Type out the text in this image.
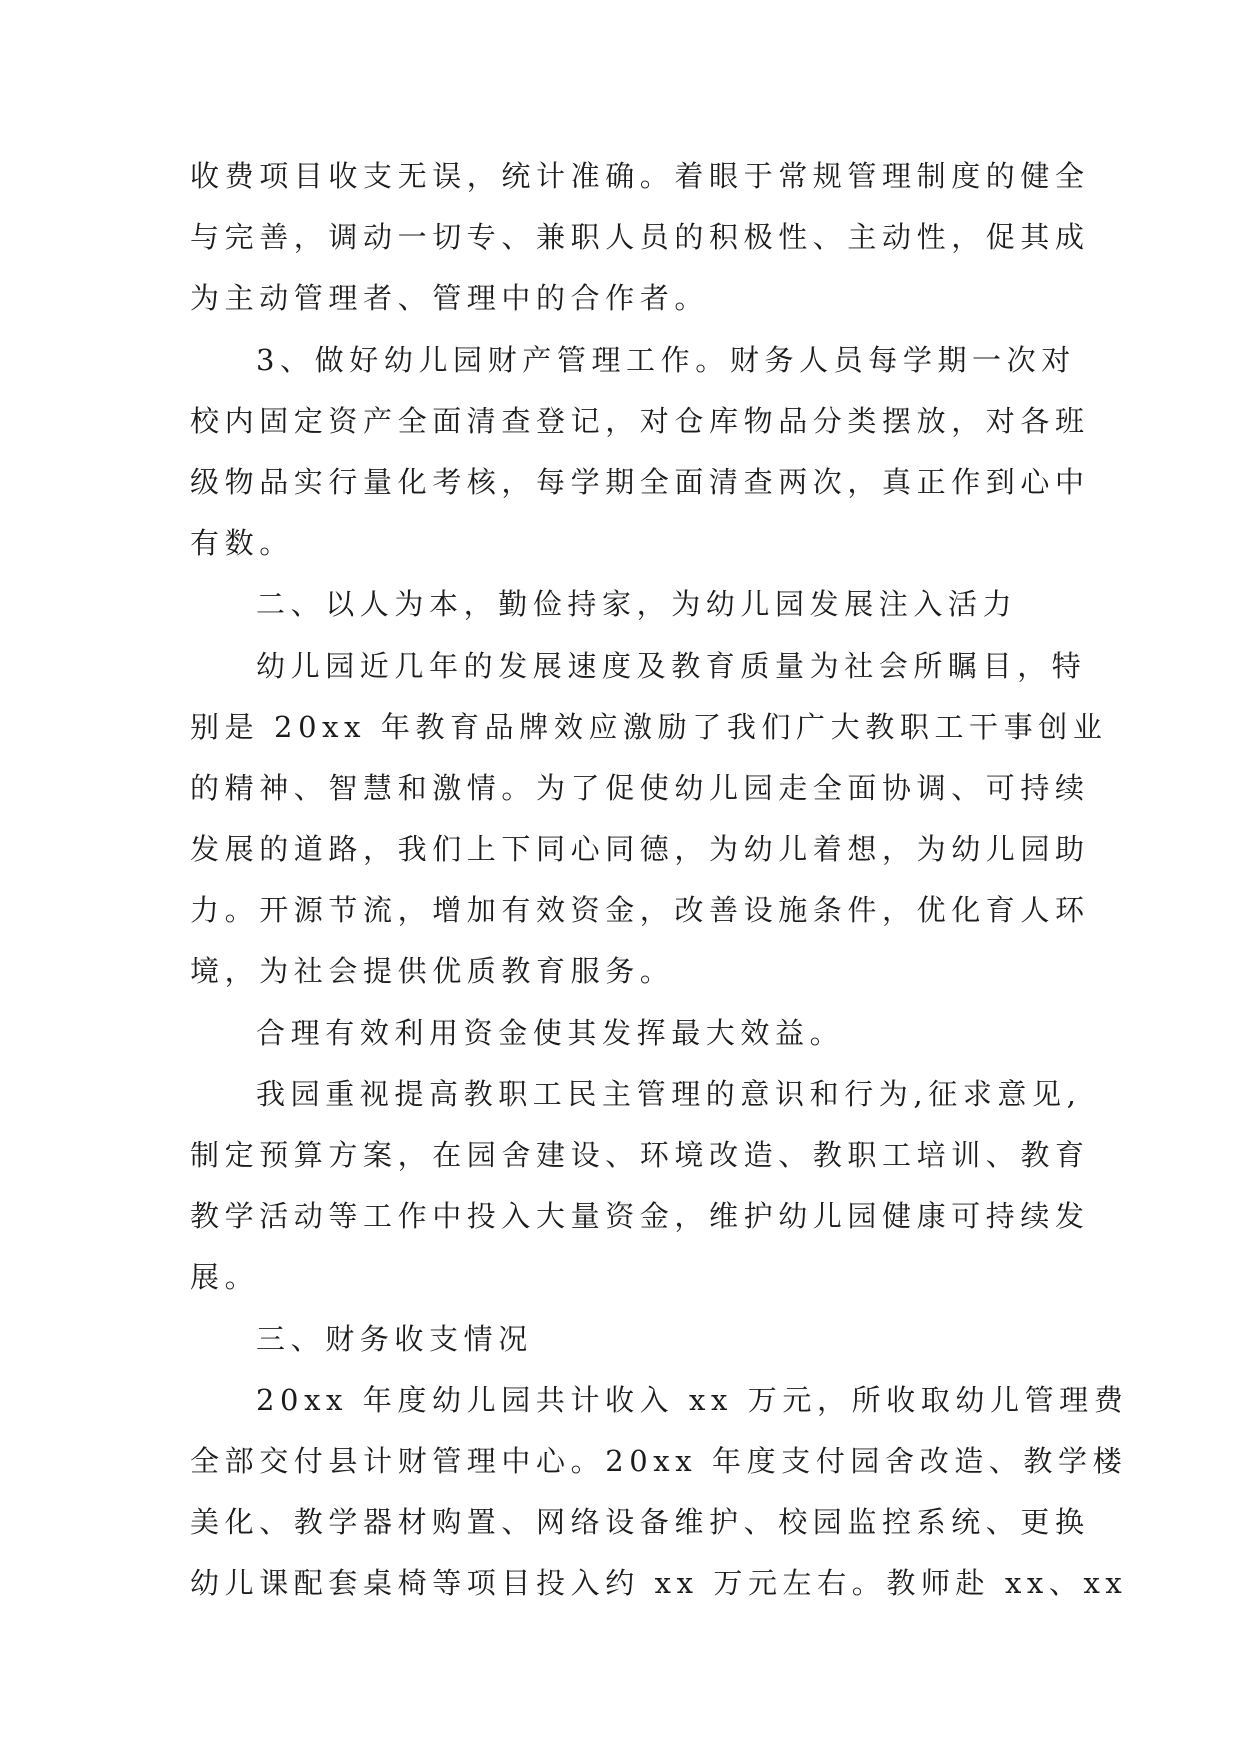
收费项目收支无误，统计准确。着眼于常规管理制度的健全
与完善，调动一切专、兼职人员的积极性、主动性，促其成
为主动管理者、管理中的合作者。
3、做好幼儿园财产管理工作。财务人员每学期一次对
校内固定资产全面清查登记，对仓库物品分类摆放，对各班
级物品实行量化考核，每学期全面清查两次，真正作到心中
有数。
二、以人为本，勤俭持家，为幼儿园发展注入活力
幼儿园近几年的发展速度及教育质量为社会所瞩目，特
别是 20xx 年教育品牌效应激励了我们广大教职工干事创业
的精神、智慧和激情。为了促使幼儿园走全面协调、可持续
发展的道路，我们上下同心同德，为幼儿着想，为幼儿园助
力。开源节流，增加有效资金，改善设施条件，优化育人环
境，为社会提供优质教育服务。
合理有效利用资金使其发挥最大效益。
我园重视提高教职工民主管理的意识和行为,征求意见,
制定预算方案，在园舍建设、环境改造、教职工培训、教育
教学活动等工作中投入大量资金，维护幼儿园健康可持续发
展。
三、财务收支情况
20xx 年度幼儿园共计收入 xx 万元，所收取幼儿管理费
全部交付县计财管理中心。20xx 年度支付园舍改造、教学楼
美化、教学器材购置、网络设备维护、校园监控系统、更换
幼儿课配套桌椅等项目投入约 xx 万元左右。教师赴 xx、xx
